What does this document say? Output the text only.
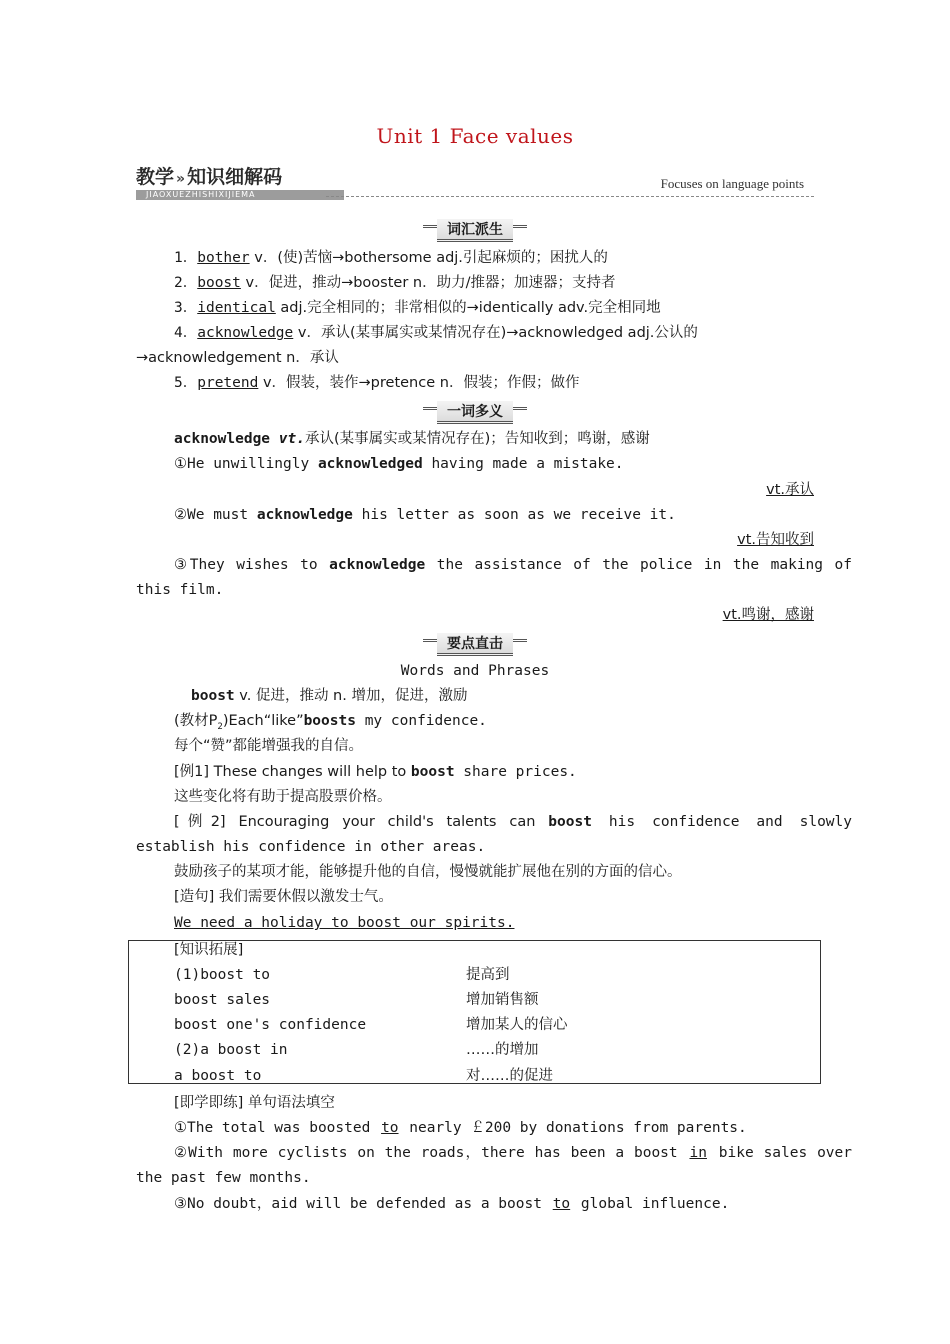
Unit 1 Face values
教学 » 知识细解码
JIAOXUEZHISHIXIJIEMA
Focuses on language points
词汇派生
1．bother v．(使)苦恼→bothersome adj.引起麻烦的；困扰人的
2．boost v．促进，推动→booster n．助力/推器；加速器；支持者
3．identical adj.完全相同的；非常相似的→identically adv.完全相同地
4．acknowledge v．承认(某事属实或某情况存在)→acknowledged adj.公认的
→acknowledgement n．承认
5．pretend v．假装，装作→pretence n．假装；作假；做作
一词多义
acknowledge vt.承认(某事属实或某情况存在)；告知收到；鸣谢，感谢
①He unwillingly acknowledged having made a mistake.
vt.承认
②We must acknowledge his letter as soon as we receive it.
vt.告知收到
③They wishes to acknowledge the assistance of the police in the making of
this film.
vt.鸣谢，感谢
要点直击
Words and Phrases
boost v. 促进，推动 n. 增加，促进，激励
(教材$P_2)Each“like”boosts$ my confidence.
每个“赞”都能增强我的自信。
[例1] These changes will help to boost share prices.
这些变化将有助于提高股票价格。
[例2] Encouraging your child's talents can boost his confidence and slowly
establish his confidence in other areas.
鼓励孩子的某项才能，能够提升他的自信，慢慢就能扩展他在别的方面的信心。
[造句] 我们需要休假以激发士气。
We need a holiday to boost our spirits.
[知识拓展]
(1)boost to	提高到
boost sales	增加销售额
boost one's confidence	增加某人的信心
(2)a boost in	……的增加
a boost to	对……的促进
[即学即练] 单句语法填空
①The total was boosted to nearly ￡200 by donations from parents.
②With more cyclists on the roads，there has been a boost in bike sales over
the past few months.
③No doubt，aid will be defended as a boost to global influence.
